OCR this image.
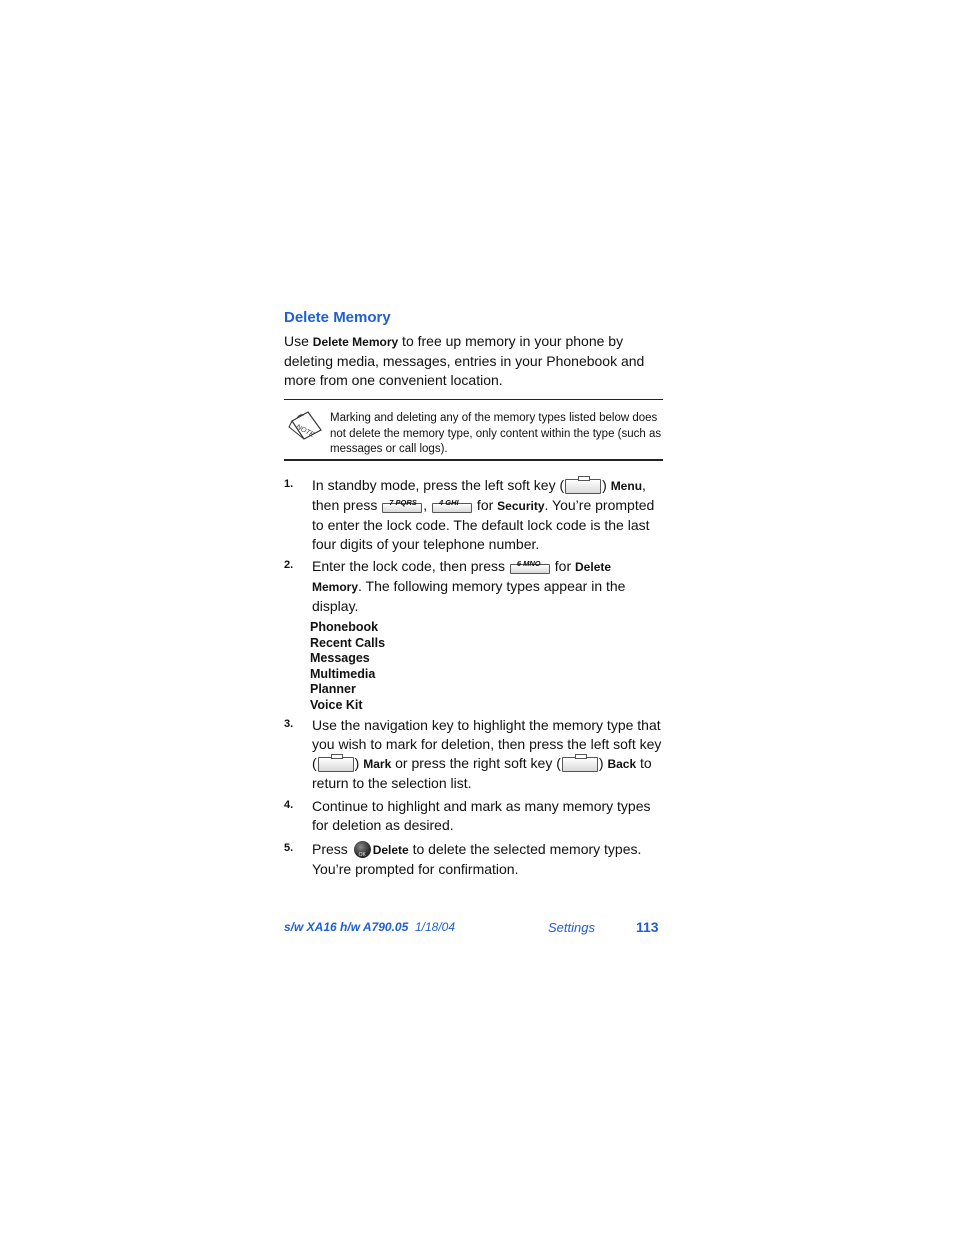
Delete Memory

Use Delete Memory to free up memory in your phone by deleting media, messages, entries in your Phonebook and more from one convenient location.

NOTE

Marking and deleting any of the memory types listed below does not delete the memory type, only content within the type (such as messages or call logs).

1. In standby mode, press the left soft key (	) Menu, then press 7 PQRS , 4 GHI for Security. You’re prompted to enter the lock code. The default lock code is the last four digits of your telephone number.

2. Enter the lock code, then press 6 MNO for Delete Memory. The following memory types appear in the display.

Phonebook
Recent Calls
Messages
Multimedia
Planner
Voice Kit
3. Use the navigation key to highlight the memory type that you wish to mark for deletion, then press the left soft key (	) Mark or press the right soft key (	) Back to return to the selection list.

4. Continue to highlight and mark as many memory types for deletion as desired.

5. Press	OK Delete to delete the selected memory types. You’re prompted for confirmation.

s/w XA16 h/w A790.05 1/18/04	Settings	113
